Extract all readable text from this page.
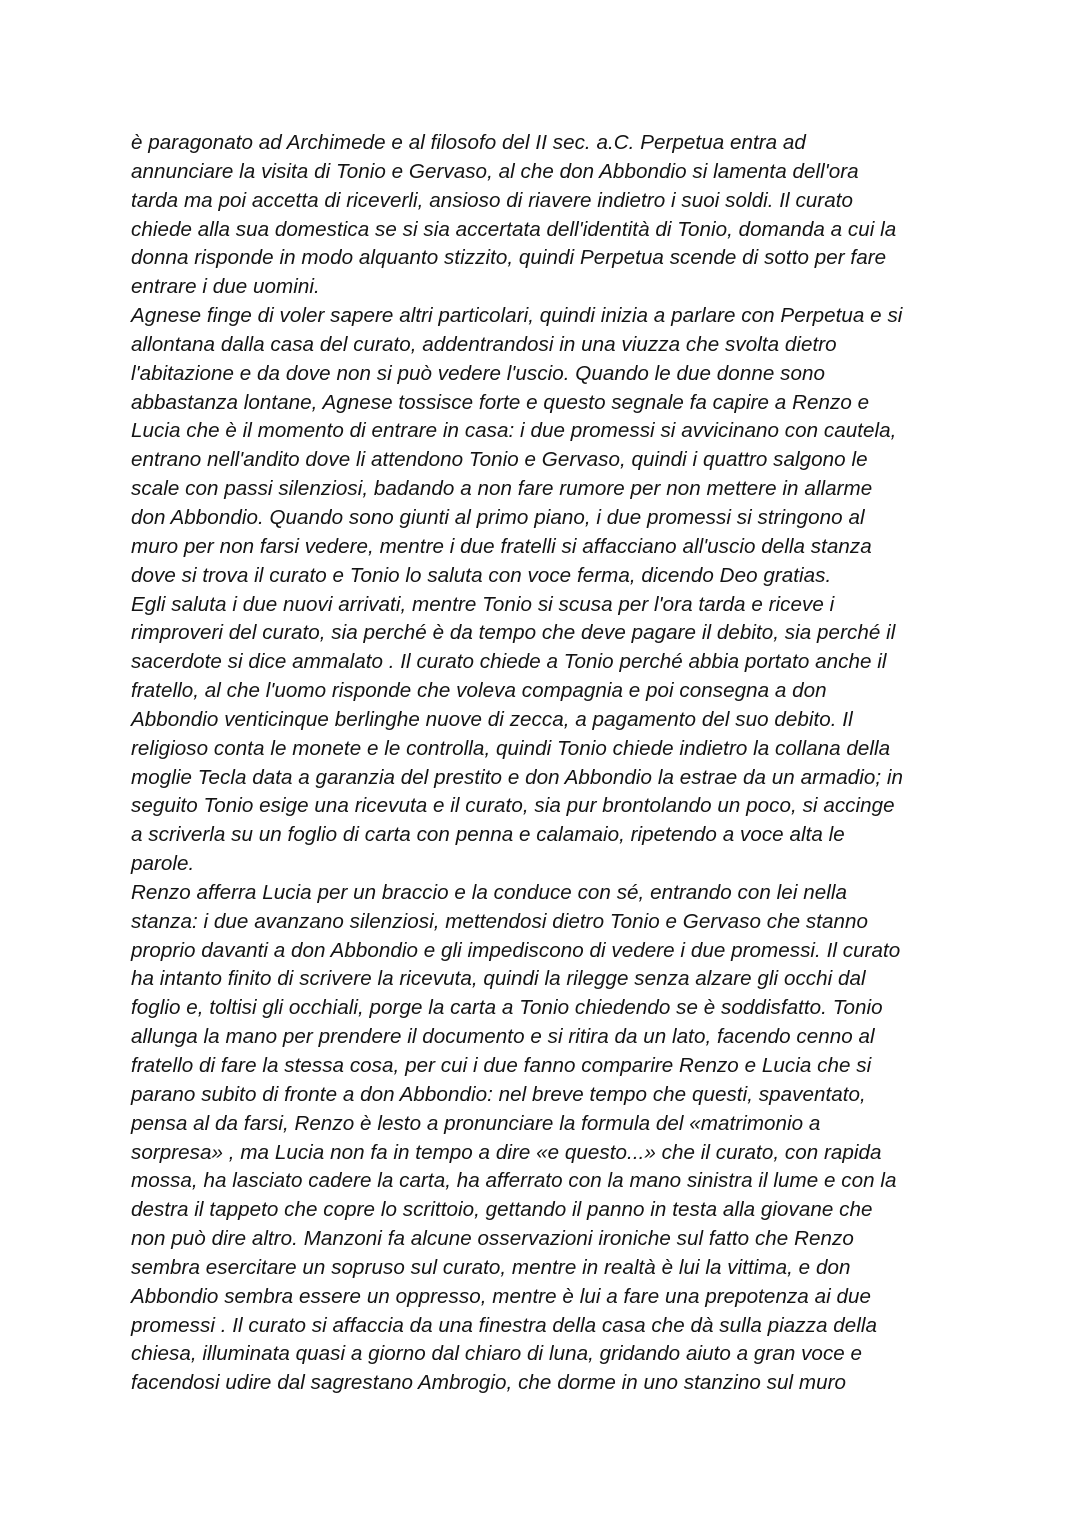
è paragonato ad Archimede e al filosofo del II sec. a.C. Perpetua entra ad
annunciare la visita di Tonio e Gervaso, al che don Abbondio si lamenta dell'ora
tarda ma poi accetta di riceverli, ansioso di riavere indietro i suoi soldi. Il curato
chiede alla sua domestica se si sia accertata dell'identità di Tonio, domanda a cui la
donna risponde in modo alquanto stizzito, quindi Perpetua scende di sotto per fare
entrare i due uomini.
Agnese finge di voler sapere altri particolari, quindi inizia a parlare con Perpetua e si
allontana dalla casa del curato, addentrandosi in una viuzza che svolta dietro
l'abitazione e da dove non si può vedere l'uscio. Quando le due donne sono
abbastanza lontane, Agnese tossisce forte e questo segnale fa capire a Renzo e
Lucia che è il momento di entrare in casa: i due promessi si avvicinano con cautela,
entrano nell'andito dove li attendono Tonio e Gervaso, quindi i quattro salgono le
scale con passi silenziosi, badando a non fare rumore per non mettere in allarme
don Abbondio. Quando sono giunti al primo piano, i due promessi si stringono al
muro per non farsi vedere, mentre i due fratelli si affacciano all'uscio della stanza
dove si trova il curato e Tonio lo saluta con voce ferma, dicendo Deo gratias.
Egli saluta i due nuovi arrivati, mentre Tonio si scusa per l'ora tarda e riceve i
rimproveri del curato, sia perché è da tempo che deve pagare il debito, sia perché il
sacerdote si dice ammalato . Il curato chiede a Tonio perché abbia portato anche il
fratello, al che l'uomo risponde che voleva compagnia e poi consegna a don
Abbondio venticinque berlinghe nuove di zecca, a pagamento del suo debito. Il
religioso conta le monete e le controlla, quindi Tonio chiede indietro la collana della
moglie Tecla data a garanzia del prestito e don Abbondio la estrae da un armadio; in
seguito Tonio esige una ricevuta e il curato, sia pur brontolando un poco, si accinge
a scriverla su un foglio di carta con penna e calamaio, ripetendo a voce alta le
parole.
Renzo afferra Lucia per un braccio e la conduce con sé, entrando con lei nella
stanza: i due avanzano silenziosi, mettendosi dietro Tonio e Gervaso che stanno
proprio davanti a don Abbondio e gli impediscono di vedere i due promessi. Il curato
ha intanto finito di scrivere la ricevuta, quindi la rilegge senza alzare gli occhi dal
foglio e, toltisi gli occhiali, porge la carta a Tonio chiedendo se è soddisfatto. Tonio
allunga la mano per prendere il documento e si ritira da un lato, facendo cenno al
fratello di fare la stessa cosa, per cui i due fanno comparire Renzo e Lucia che si
parano subito di fronte a don Abbondio: nel breve tempo che questi, spaventato,
pensa al da farsi, Renzo è lesto a pronunciare la formula del «matrimonio a
sorpresa» , ma Lucia non fa in tempo a dire «e questo...» che il curato, con rapida
mossa, ha lasciato cadere la carta, ha afferrato con la mano sinistra il lume e con la
destra il tappeto che copre lo scrittoio, gettando il panno in testa alla giovane che
non può dire altro. Manzoni fa alcune osservazioni ironiche sul fatto che Renzo
sembra esercitare un sopruso sul curato, mentre in realtà è lui la vittima, e don
Abbondio sembra essere un oppresso, mentre è lui a fare una prepotenza ai due
promessi . Il curato si affaccia da una finestra della casa che dà sulla piazza della
chiesa, illuminata quasi a giorno dal chiaro di luna, gridando aiuto a gran voce e
facendosi udire dal sagrestano Ambrogio, che dorme in uno stanzino sul muro
